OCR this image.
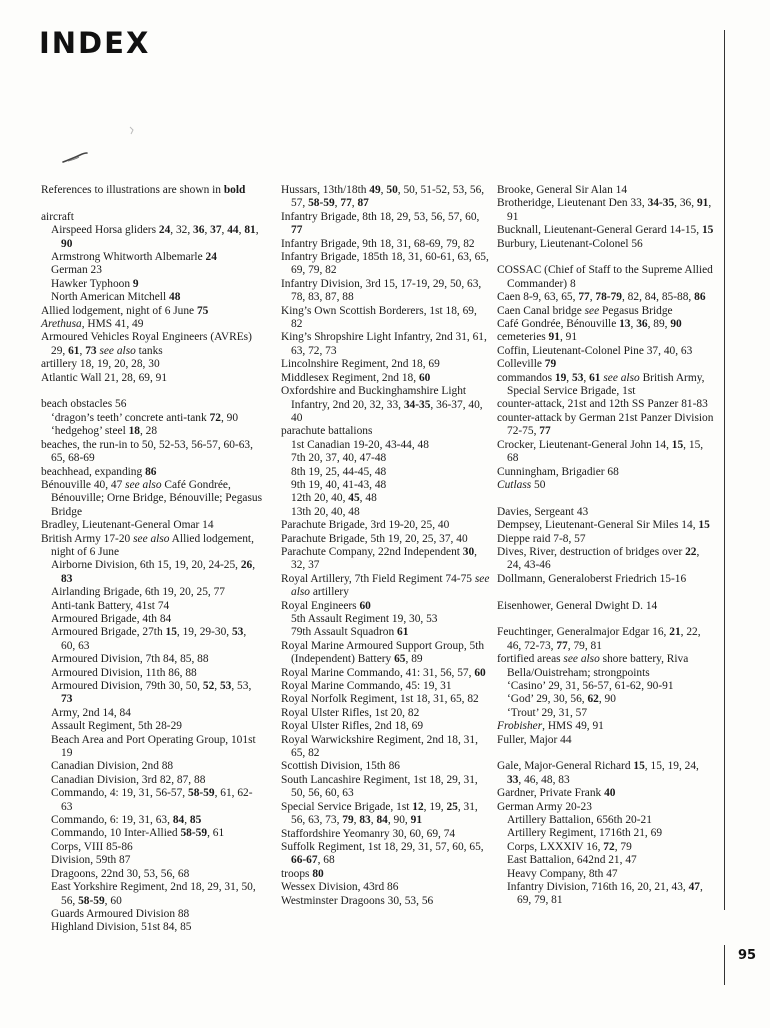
INDEX

95

References to illustrations are shown in bold
aircraft
Airspeed Horsa gliders 24, 32, 36, 37, 44, 81, 90
Armstrong Whitworth Albemarle 24
German 23
Hawker Typhoon 9
North American Mitchell 48
Allied lodgement, night of 6 June 75
Arethusa, HMS 41, 49
Armoured Vehicles Royal Engineers (AVREs) 29, 61, 73 see also tanks
artillery 18, 19, 20, 28, 30
Atlantic Wall 21, 28, 69, 91
beach obstacles 56
‘dragon’s teeth’ concrete anti-tank 72, 90
‘hedgehog’ steel 18, 28
beaches, the run-in to 50, 52-53, 56-57, 60-63, 65, 68-69
beachhead, expanding 86
Bénouville 40, 47 see also Café Gondrée, Bénouville; Orne Bridge, Bénouville; Pegasus Bridge
Bradley, Lieutenant-General Omar 14
British Army 17-20 see also Allied lodgement, night of 6 June
Airborne Division, 6th 15, 19, 20, 24-25, 26, 83
Airlanding Brigade, 6th 19, 20, 25, 77
Anti-tank Battery, 41st 74
Armoured Brigade, 4th 84
Armoured Brigade, 27th 15, 19, 29-30, 53, 60, 63
Armoured Division, 7th 84, 85, 88
Armoured Division, 11th 86, 88
Armoured Division, 79th 30, 50, 52, 53, 53, 73
Army, 2nd 14, 84
Assault Regiment, 5th 28-29
Beach Area and Port Operating Group, 101st 19
Canadian Division, 2nd 88
Canadian Division, 3rd 82, 87, 88
Commando, 4: 19, 31, 56-57, 58-59, 61, 62-63
Commando, 6: 19, 31, 63, 84, 85
Commando, 10 Inter-Allied 58-59, 61
Corps, VIII 85-86
Division, 59th 87
Dragoons, 22nd 30, 53, 56, 68
East Yorkshire Regiment, 2nd 18, 29, 31, 50, 56, 58-59, 60
Guards Armoured Division 88
Highland Division, 51st 84, 85
Hussars, 13th/18th 49, 50, 50, 51-52, 53, 56, 57, 58-59, 77, 87
Infantry Brigade, 8th 18, 29, 53, 56, 57, 60, 77
Infantry Brigade, 9th 18, 31, 68-69, 79, 82
Infantry Brigade, 185th 18, 31, 60-61, 63, 65, 69, 79, 82
Infantry Division, 3rd 15, 17-19, 29, 50, 63, 78, 83, 87, 88
King’s Own Scottish Borderers, 1st 18, 69, 82
King’s Shropshire Light Infantry, 2nd 31, 61, 63, 72, 73
Lincolnshire Regiment, 2nd 18, 69
Middlesex Regiment, 2nd 18, 60
Oxfordshire and Buckinghamshire Light Infantry, 2nd 20, 32, 33, 34-35, 36-37, 40, 40
parachute battalions
1st Canadian 19-20, 43-44, 48
7th 20, 37, 40, 47-48
8th 19, 25, 44-45, 48
9th 19, 40, 41-43, 48
12th 20, 40, 45, 48
13th 20, 40, 48
Parachute Brigade, 3rd 19-20, 25, 40
Parachute Brigade, 5th 19, 20, 25, 37, 40
Parachute Company, 22nd Independent 30, 32, 37
Royal Artillery, 7th Field Regiment 74-75 see also artillery
Royal Engineers 60
5th Assault Regiment 19, 30, 53
79th Assault Squadron 61
Royal Marine Armoured Support Group, 5th (Independent) Battery 65, 89
Royal Marine Commando, 41: 31, 56, 57, 60
Royal Marine Commando, 45: 19, 31
Royal Norfolk Regiment, 1st 18, 31, 65, 82
Royal Ulster Rifles, 1st 20, 82
Royal Ulster Rifles, 2nd 18, 69
Royal Warwickshire Regiment, 2nd 18, 31, 65, 82
Scottish Division, 15th 86
South Lancashire Regiment, 1st 18, 29, 31, 50, 56, 60, 63
Special Service Brigade, 1st 12, 19, 25, 31, 56, 63, 73, 79, 83, 84, 90, 91
Staffordshire Yeomanry 30, 60, 69, 74
Suffolk Regiment, 1st 18, 29, 31, 57, 60, 65, 66-67, 68
troops 80
Wessex Division, 43rd 86
Westminster Dragoons 30, 53, 56
Brooke, General Sir Alan 14
Brotheridge, Lieutenant Den 33, 34-35, 36, 91, 91
Bucknall, Lieutenant-General Gerard 14-15, 15
Burbury, Lieutenant-Colonel 56
COSSAC (Chief of Staff to the Supreme Allied Commander) 8
Caen 8-9, 63, 65, 77, 78-79, 82, 84, 85-88, 86
Caen Canal bridge see Pegasus Bridge
Café Gondrée, Bénouville 13, 36, 89, 90
cemeteries 91, 91
Coffin, Lieutenant-Colonel Pine 37, 40, 63
Colleville 79
commandos 19, 53, 61 see also British Army, Special Service Brigade, 1st
counter-attack, 21st and 12th SS Panzer 81-83
counter-attack by German 21st Panzer Division 72-75, 77
Crocker, Lieutenant-General John 14, 15, 15, 68
Cunningham, Brigadier 68
Cutlass 50
Davies, Sergeant 43
Dempsey, Lieutenant-General Sir Miles 14, 15
Dieppe raid 7-8, 57
Dives, River, destruction of bridges over 22, 24, 43-46
Dollmann, Generaloberst Friedrich 15-16
Eisenhower, General Dwight D. 14
Feuchtinger, Generalmajor Edgar 16, 21, 22, 46, 72-73, 77, 79, 81
fortified areas see also shore battery, Riva Bella/Ouistreham; strongpoints
‘Casino’ 29, 31, 56-57, 61-62, 90-91
‘God’ 29, 30, 56, 62, 90
‘Trout’ 29, 31, 57
Frobisher, HMS 49, 91
Fuller, Major 44
Gale, Major-General Richard 15, 15, 19, 24, 33, 46, 48, 83
Gardner, Private Frank 40
German Army 20-23
Artillery Battalion, 656th 20-21
Artillery Regiment, 1716th 21, 69
Corps, LXXXIV 16, 72, 79
East Battalion, 642nd 21, 47
Heavy Company, 8th 47
Infantry Division, 716th 16, 20, 21, 43, 47, 69, 79, 81
